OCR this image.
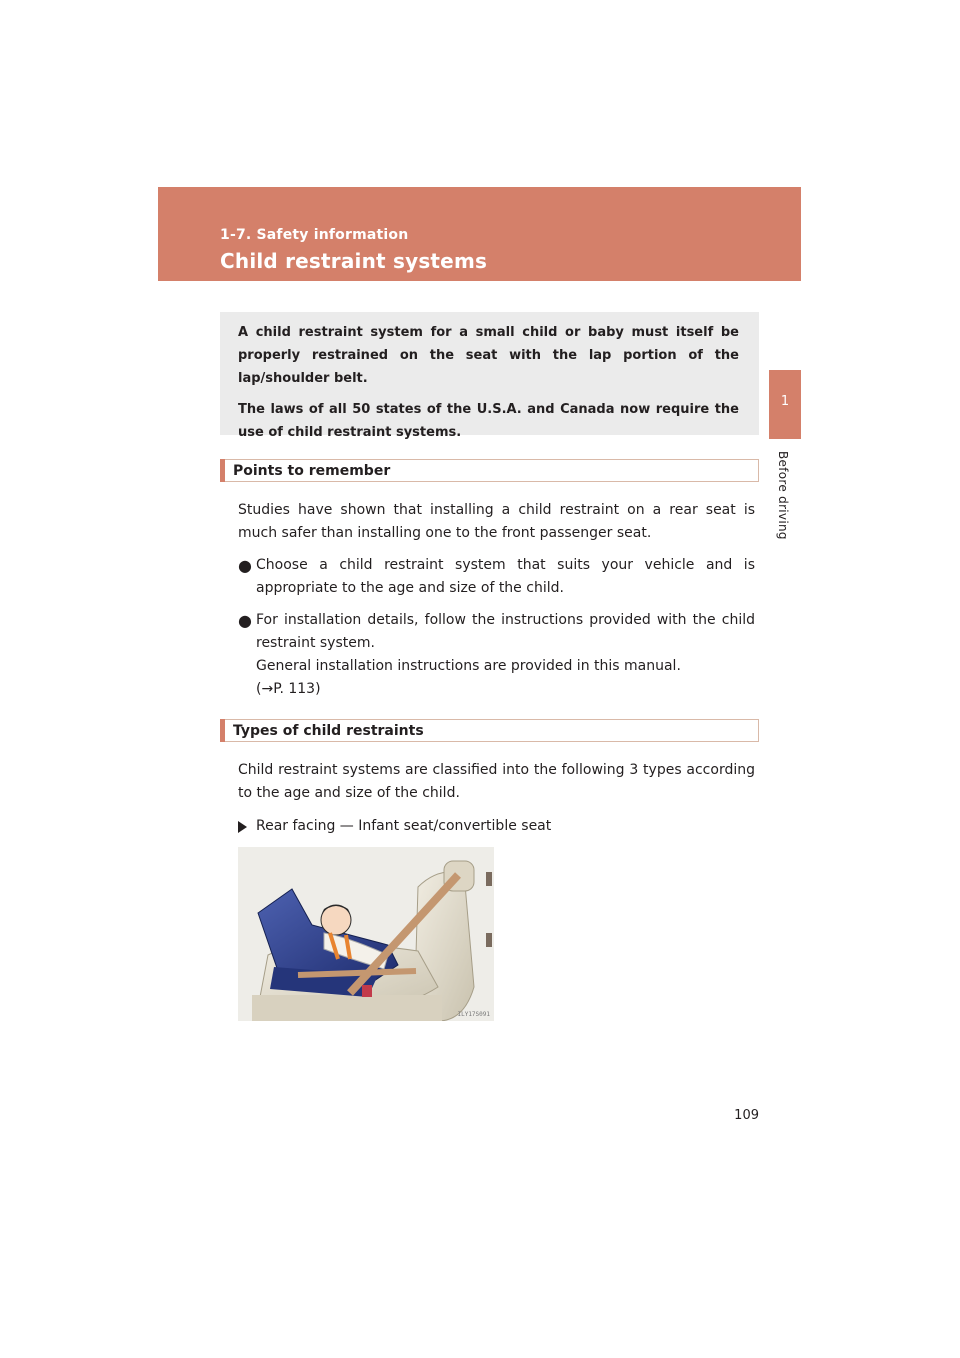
1-7. Safety information
Child restraint systems
1
Before driving

A child restraint system for a small child or baby must itself be properly restrained on the seat with the lap portion of the lap/shoulder belt.

The laws of all 50 states of the U.S.A. and Canada now require the use of child restraint systems.

Points to remember

Studies have shown that installing a child restraint on a rear seat is much safer than installing one to the front passenger seat.

● Choose a child restraint system that suits your vehicle and is appropriate to the age and size of the child.
● For installation details, follow the instructions provided with the child restraint system.
General installation instructions are provided in this manual.
(→P. 113)
Types of child restraints

Child restraint systems are classified into the following 3 types according to the age and size of the child.

Rear facing — Infant seat/convertible seat
ILY17S091
109
